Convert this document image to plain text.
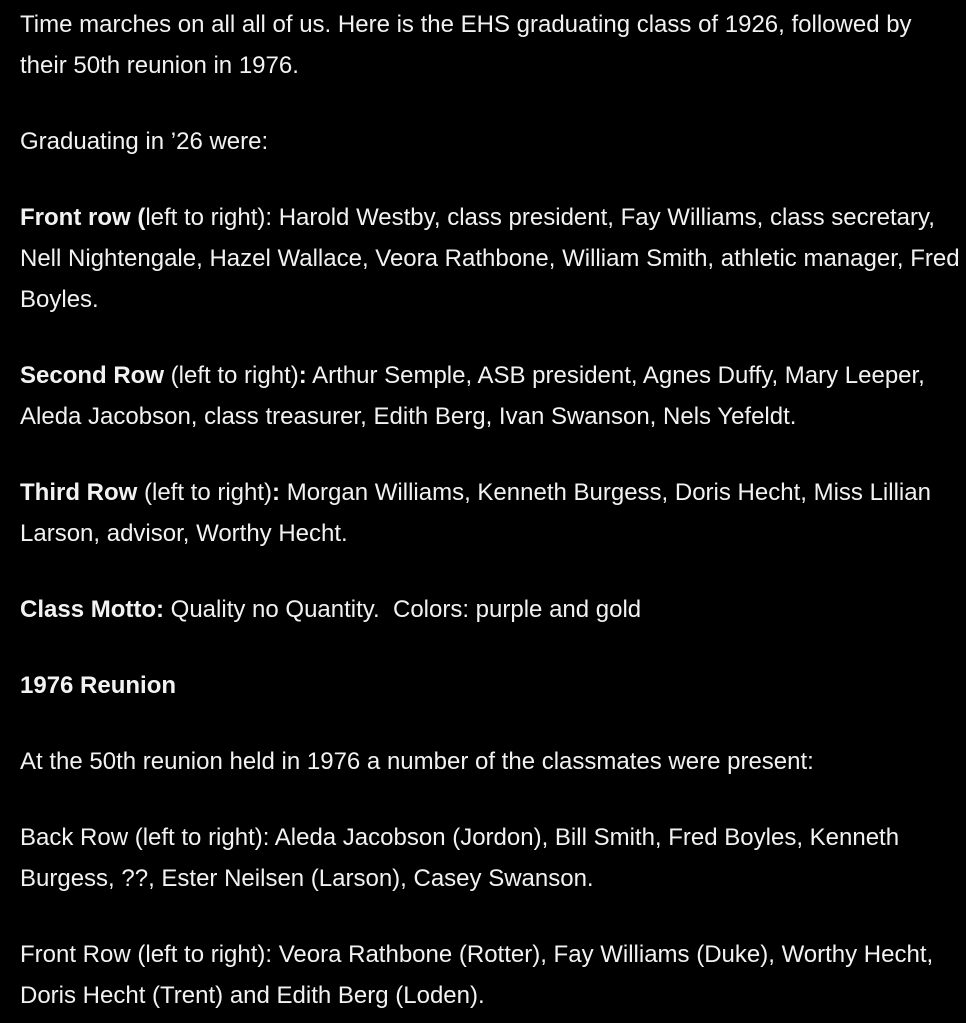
Time marches on all all of us. Here is the EHS graduating class of 1926, followed by their 50th reunion in 1976.

Graduating in ’26 were:

Front row (left to right): Harold Westby, class president, Fay Williams, class secretary, Nell Nightengale, Hazel Wallace, Veora Rathbone, William Smith, athletic manager, Fred Boyles.

Second Row (left to right): Arthur Semple, ASB president, Agnes Duffy, Mary Leeper, Aleda Jacobson, class treasurer, Edith Berg, Ivan Swanson, Nels Yefeldt.

Third Row (left to right): Morgan Williams, Kenneth Burgess, Doris Hecht, Miss Lillian Larson, advisor, Worthy Hecht.

Class Motto: Quality no Quantity.  Colors: purple and gold

1976 Reunion

At the 50th reunion held in 1976 a number of the classmates were present:

Back Row (left to right): Aleda Jacobson (Jordon), Bill Smith, Fred Boyles, Kenneth Burgess, ??, Ester Neilsen (Larson), Casey Swanson.

Front Row (left to right): Veora Rathbone (Rotter), Fay Williams (Duke), Worthy Hecht, Doris Hecht (Trent) and Edith Berg (Loden).
